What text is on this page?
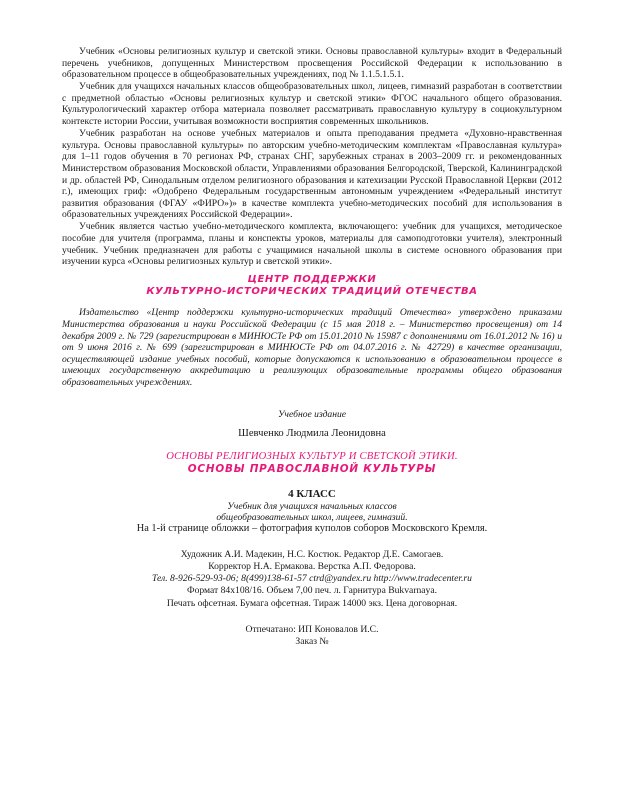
Учебник «Основы религиозных культур и светской этики. Основы православной культуры» входит в Федеральный перечень учебников, допущенных Министерством просвещения Российской Федерации к использованию в образовательном процессе в общеобразовательных учреждениях, под № 1.1.5.1.5.1.

Учебник для учащихся начальных классов общеобразовательных школ, лицеев, гимназий разработан в соответствии с предметной областью «Основы религиозных культур и светской этики» ФГОС начального общего образования. Культурологический характер отбора материала позволяет рассматривать православную культуру в социокультурном контексте истории России, учитывая возможности восприятия современных школьников.

Учебник разработан на основе учебных материалов и опыта преподавания предмета «Духовно-нравственная культура. Основы православной культуры» по авторским учебно-методическим комплектам «Православная культура» для 1–11 годов обучения в 70 регионах РФ, странах СНГ, зарубежных странах в 2003–2009 гг. и рекомендованных Министерством образования Московской области, Управлениями образования Белгородской, Тверской, Калининградской и др. областей РФ, Синодальным отделом религиозного образования и катехизации Русской Православной Церкви (2012 г.), имеющих гриф: «Одобрено Федеральным государственным автономным учреждением «Федеральный институт развития образования (ФГАУ «ФИРО»)» в качестве комплекта учебно-методических пособий для использования в образовательных учреждениях Российской Федерации».

Учебник является частью учебно-методического комплекта, включающего: учебник для учащихся, методическое пособие для учителя (программа, планы и конспекты уроков, материалы для самоподготовки учителя), электронный учебник. Учебник предназначен для работы с учащимися начальной школы в системе основного образования при изучении курса «Основы религиозных культур и светской этики».

ЦЕНТР ПОДДЕРЖКИ
КУЛЬТУРНО-ИСТОРИЧЕСКИХ ТРАДИЦИЙ ОТЕЧЕСТВА

Издательство «Центр поддержки культурно-исторических традиций Отечества» утверждено приказами Министерства образования и науки Российской Федерации (с 15 мая 2018 г. – Министерство просвещения) от 14 декабря 2009 г. № 729 (зарегистрирован в МИНЮСТе РФ от 15.01.2010 № 15987 с дополнениями от 16.01.2012 № 16) и от 9 июня 2016 г. № 699 (зарегистрирован в МИНЮСТе РФ от 04.07.2016 г. № 42729) в качестве организации, осуществляющей издание учебных пособий, которые допускаются к использованию в образовательном процессе в имеющих государственную аккредитацию и реализующих образовательные программы общего образования образовательных учреждениях.

Учебное издание
Шевченко Людмила Леонидовна
ОСНОВЫ РЕЛИГИОЗНЫХ КУЛЬТУР И СВЕТСКОЙ ЭТИКИ.
ОСНОВЫ ПРАВОСЛАВНОЙ КУЛЬТУРЫ
4 КЛАСС
Учебник для учащихся начальных классов
общеобразовательных школ, лицеев, гимназий.
На 1-й странице обложки – фотография куполов соборов Московского Кремля.
Художник А.И. Мадекин, Н.С. Костюк. Редактор Д.Е. Самогаев.
Корректор Н.А. Ермакова. Верстка А.П. Федорова.
Тел. 8-926-529-93-06; 8(499)138-61-57 ctrd@yandex.ru http://www.tradecenter.ru
Формат 84х108/16. Объем 7,00 печ. л. Гарнитура Bukvarnaya.
Печать офсетная. Бумага офсетная. Тираж 14000 экз. Цена договорная.
Отпечатано: ИП Коновалов И.С.
Заказ №
